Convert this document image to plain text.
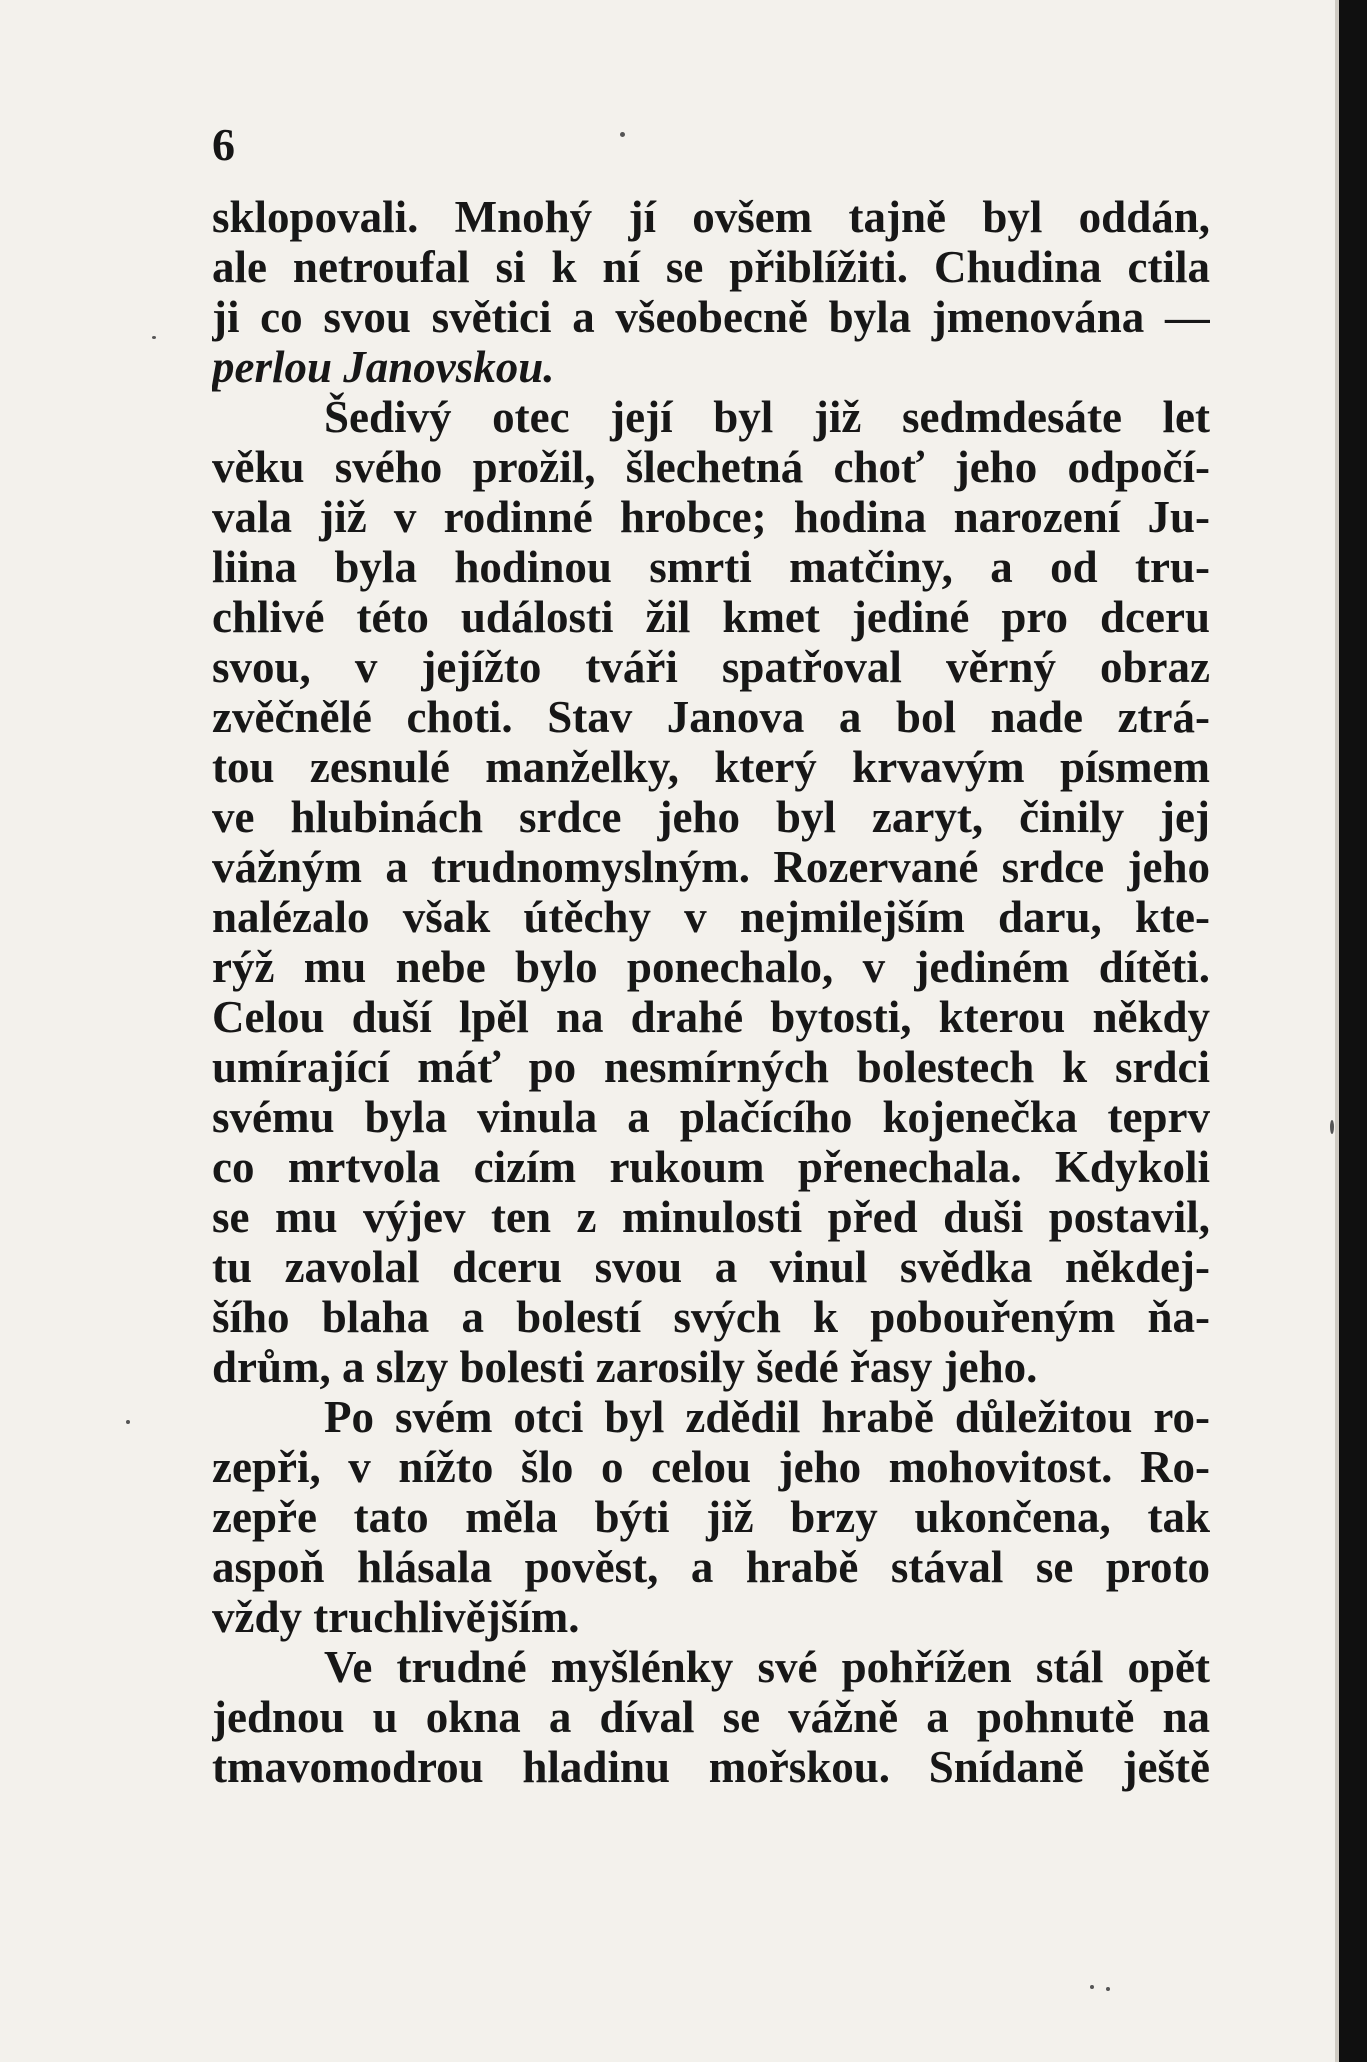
6
sklopovali. Mnohý jí ovšem tajně byl oddán,
ale netroufal si k ní se přiblížiti. Chudina ctila
ji co svou světici a všeobecně byla jmenována —
perlou Janovskou.
Šedivý otec její byl již sedmdesáte let
věku svého prožil, šlechetná choť jeho odpočí-
vala již v rodinné hrobce; hodina narození Ju-
liina byla hodinou smrti matčiny, a od tru-
chlivé této události žil kmet jediné pro dceru
svou, v jejížto tváři spatřoval věrný obraz
zvěčnělé choti. Stav Janova a bol nade ztrá-
tou zesnulé manželky, který krvavým písmem
ve hlubinách srdce jeho byl zaryt, činily jej
vážným a trudnomyslným. Rozervané srdce jeho
nalézalo však útěchy v nejmilejším daru, kte-
rýž mu nebe bylo ponechalo, v jediném dítěti.
Celou duší lpěl na drahé bytosti, kterou někdy
umírající máť po nesmírných bolestech k srdci
svému byla vinula a plačícího kojenečka teprv
co mrtvola cizím rukoum přenechala. Kdykoli
se mu výjev ten z minulosti před duši postavil,
tu zavolal dceru svou a vinul svědka někdej-
šího blaha a bolestí svých k pobouřeným ňa-
drům, a slzy bolesti zarosily šedé řasy jeho.
Po svém otci byl zdědil hrabě důležitou ro-
zepři, v nížto šlo o celou jeho mohovitost. Ro-
zepře tato měla býti již brzy ukončena, tak
aspoň hlásala pověst, a hrabě stával se proto
vždy truchlivějším.
Ve trudné myšlénky své pohřížen stál opět
jednou u okna a díval se vážně a pohnutě na
tmavomodrou hladinu mořskou. Snídaně ještě
